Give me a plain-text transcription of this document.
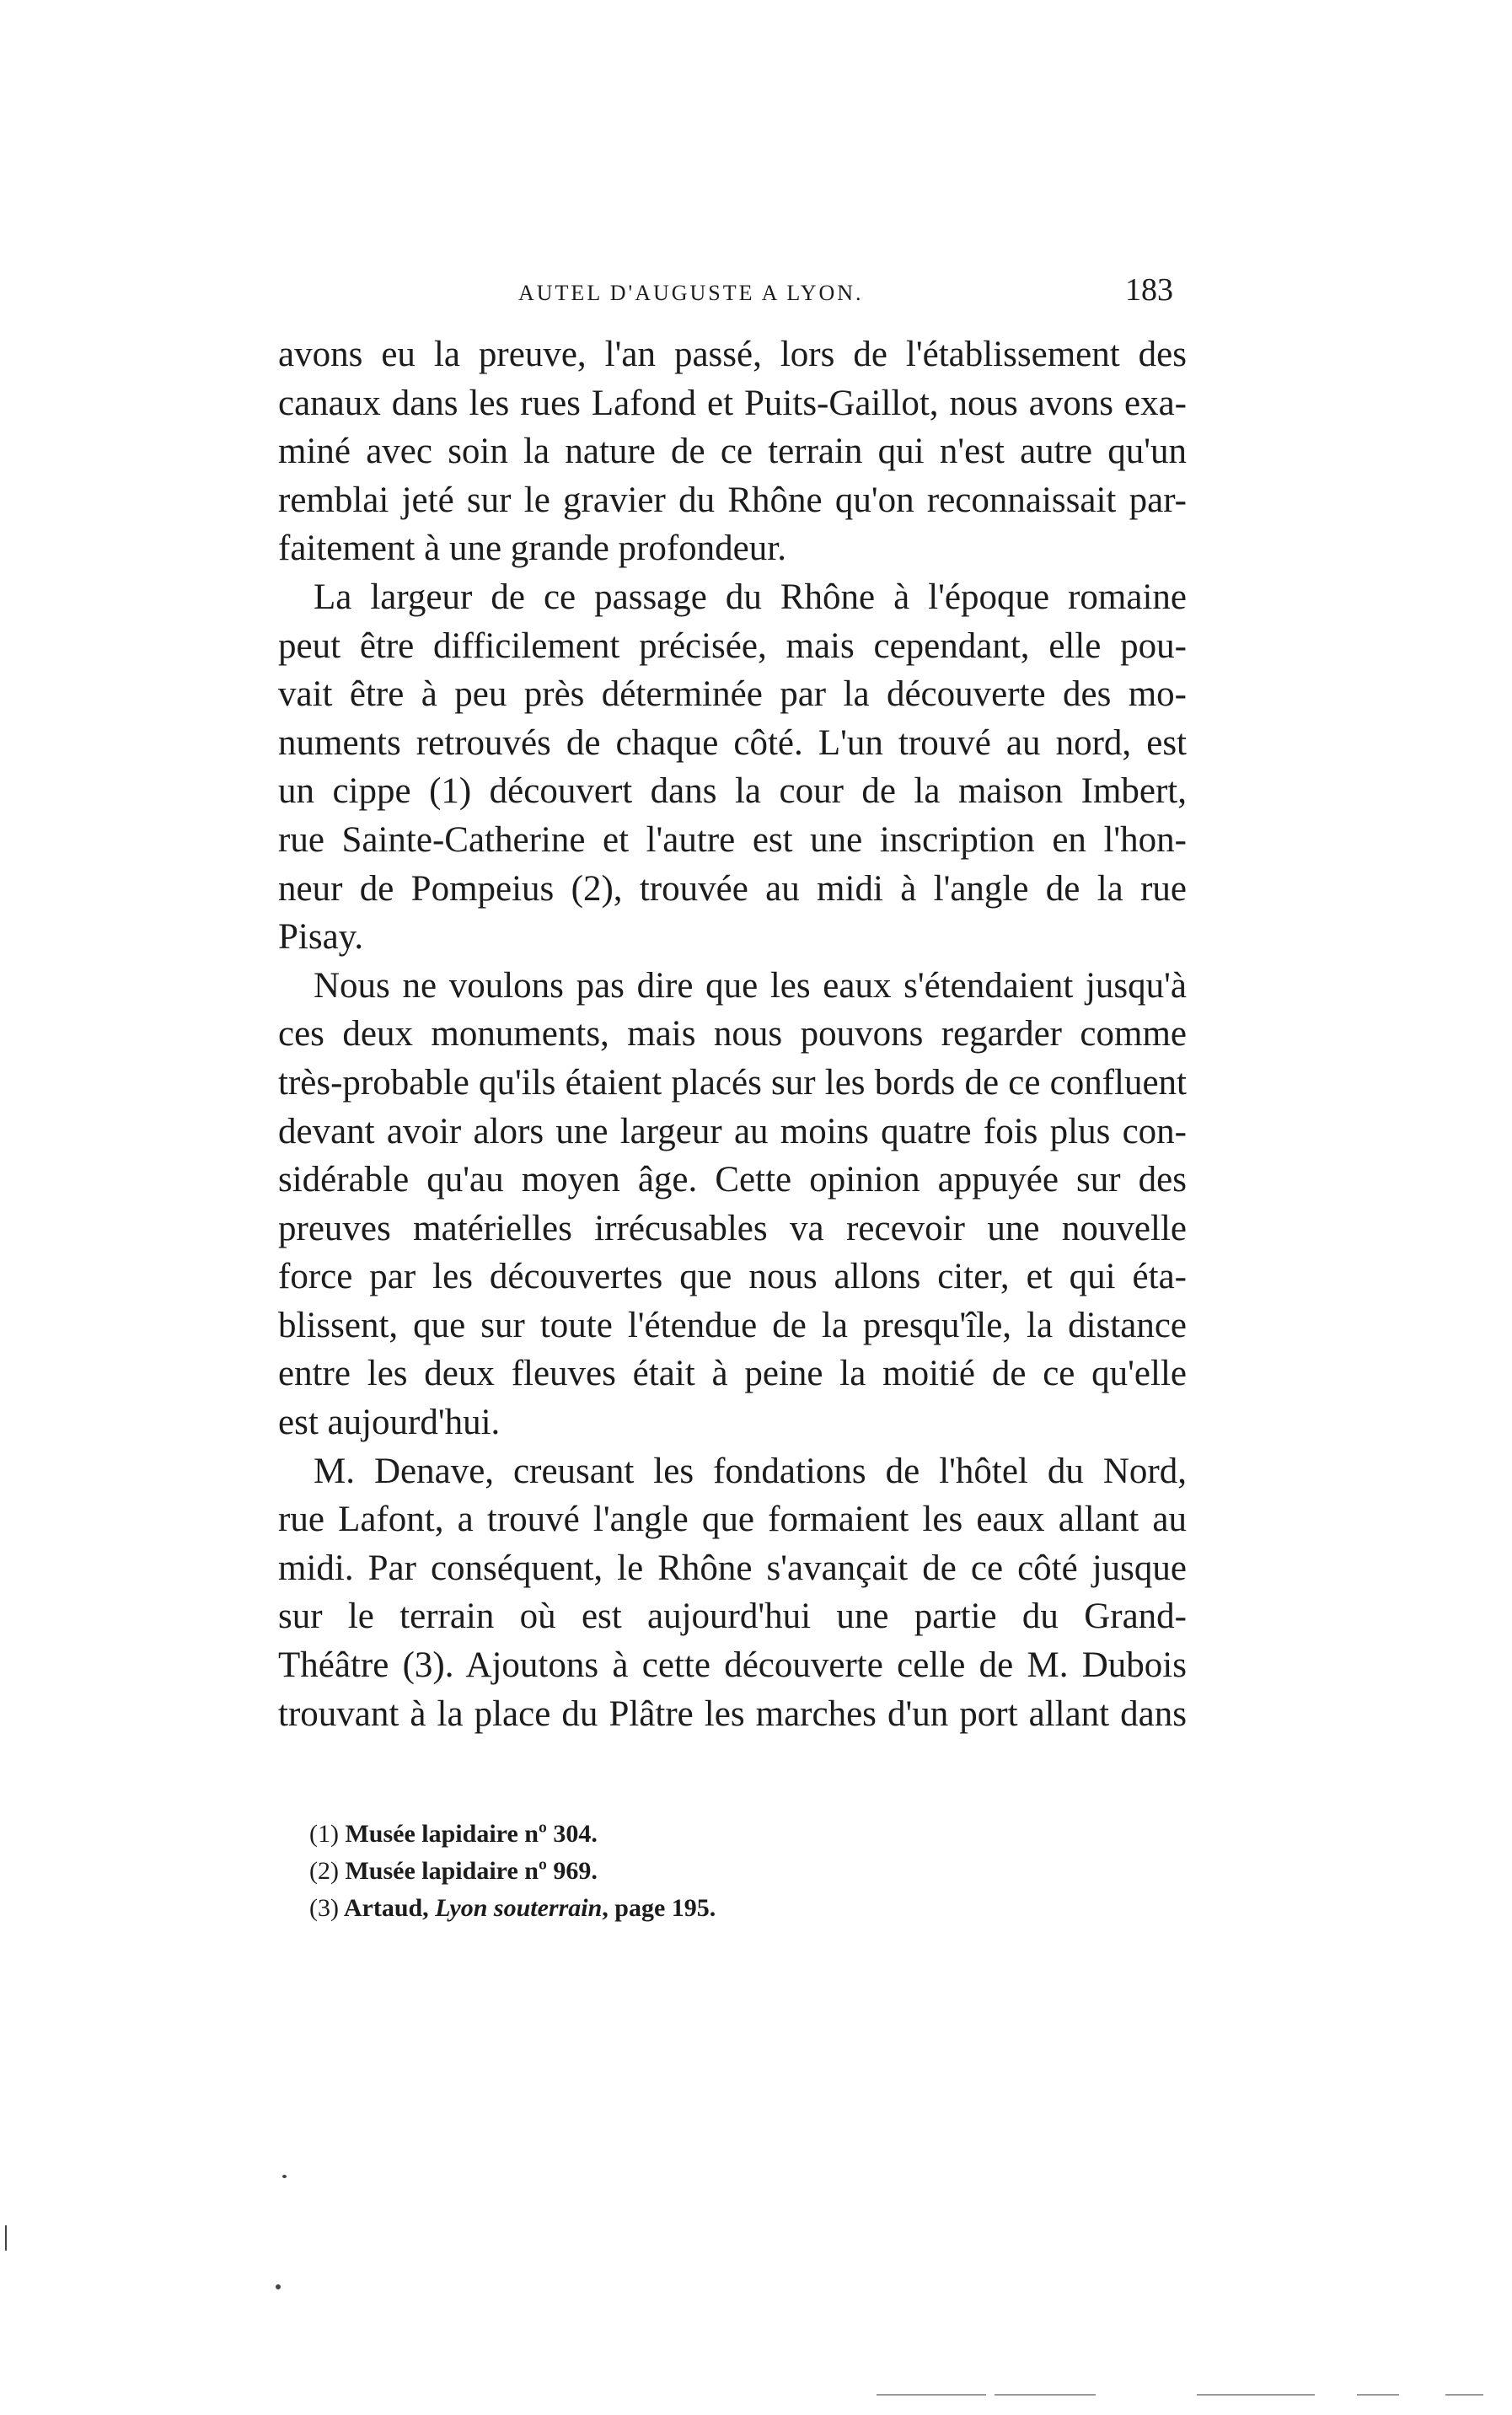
AUTEL D'AUGUSTE A LYON.	183
avons eu la preuve, l'an passé, lors de l'établissement des
canaux dans les rues Lafond et Puits-Gaillot, nous avons exa-
miné avec soin la nature de ce terrain qui n'est autre qu'un
remblai jeté sur le gravier du Rhône qu'on reconnaissait par-
faitement à une grande profondeur.
La largeur de ce passage du Rhône à l'époque romaine
peut être difficilement précisée, mais cependant, elle pou-
vait être à peu près déterminée par la découverte des mo-
numents retrouvés de chaque côté. L'un trouvé au nord, est
un cippe (1) découvert dans la cour de la maison Imbert,
rue Sainte-Catherine et l'autre est une inscription en l'hon-
neur de Pompeius (2), trouvée au midi à l'angle de la rue
Pisay.
Nous ne voulons pas dire que les eaux s'étendaient jusqu'à
ces deux monuments, mais nous pouvons regarder comme
très-probable qu'ils étaient placés sur les bords de ce confluent
devant avoir alors une largeur au moins quatre fois plus con-
sidérable qu'au moyen âge. Cette opinion appuyée sur des
preuves matérielles irrécusables va recevoir une nouvelle
force par les découvertes que nous allons citer, et qui éta-
blissent, que sur toute l'étendue de la presqu'île, la distance
entre les deux fleuves était à peine la moitié de ce qu'elle
est aujourd'hui.
M. Denave, creusant les fondations de l'hôtel du Nord,
rue Lafont, a trouvé l'angle que formaient les eaux allant au
midi. Par conséquent, le Rhône s'avançait de ce côté jusque
sur le terrain où est aujourd'hui une partie du Grand-
Théâtre (3). Ajoutons à cette découverte celle de M. Dubois
trouvant à la place du Plâtre les marches d'un port allant dans
(1) Musée lapidaire nº 304.
(2) Musée lapidaire nº 969.
(3) Artaud, Lyon souterrain, page 195.
